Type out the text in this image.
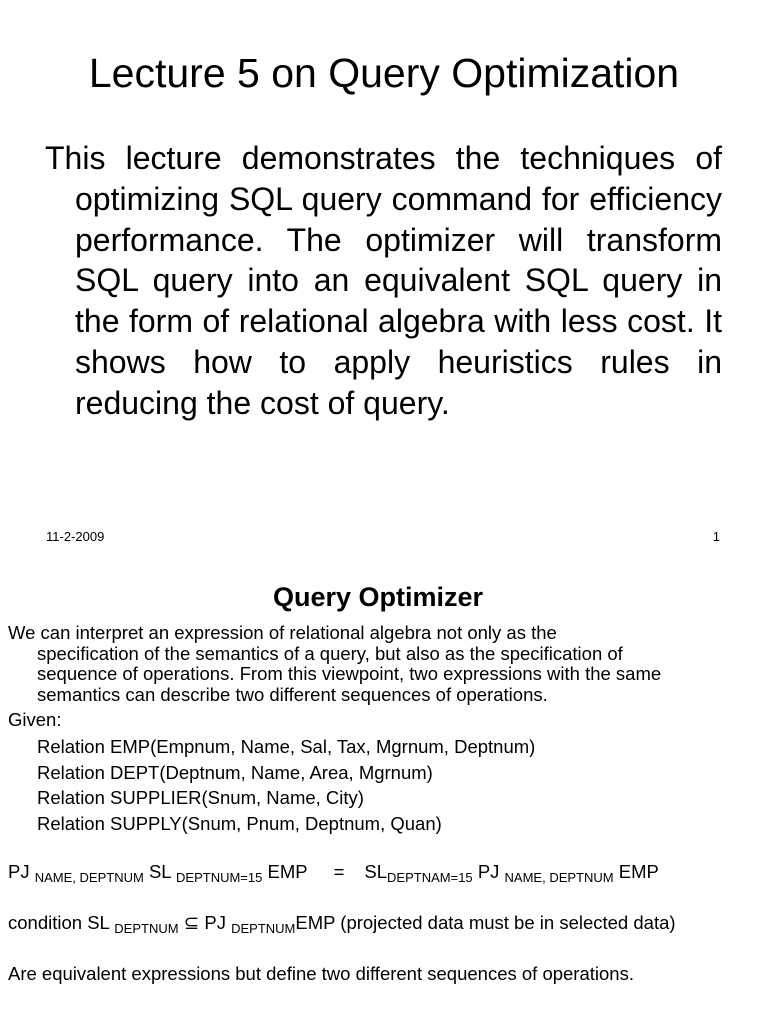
Lecture 5 on Query Optimization

This lecture demonstrates the techniques of optimizing SQL query command for efficiency performance. The optimizer will transform SQL query into an equivalent SQL query in the form of relational algebra with less cost. It shows how to apply heuristics rules in reducing the cost of query.

11-2-2009	1
Query Optimizer

We can interpret an expression of relational algebra not only as the

specification of the semantics of a query, but also as the specification of

sequence of operations. From this viewpoint, two expressions with the same

semantics can describe two different sequences of operations.

Given:
Relation EMP(Empnum, Name, Sal, Tax, Mgrnum, Deptnum)
Relation DEPT(Deptnum, Name, Area, Mgrnum)
Relation SUPPLIER(Snum, Name, City)
Relation SUPPLY(Snum, Pnum, Deptnum, Quan)
PJ $_{NAME, DEPTNUM}$ SL $_{DEPTNUM=15}$ EMP = $SL_{DEPTNAM=15}$ PJ $_{NAME, DEPTNUM}$ EMP
condition SL $_{DEPTNUM}$ ⊆ PJ $_{DEPTNUM}$EMP (projected data must be in selected data)
Are equivalent expressions but define two different sequences of operations.
